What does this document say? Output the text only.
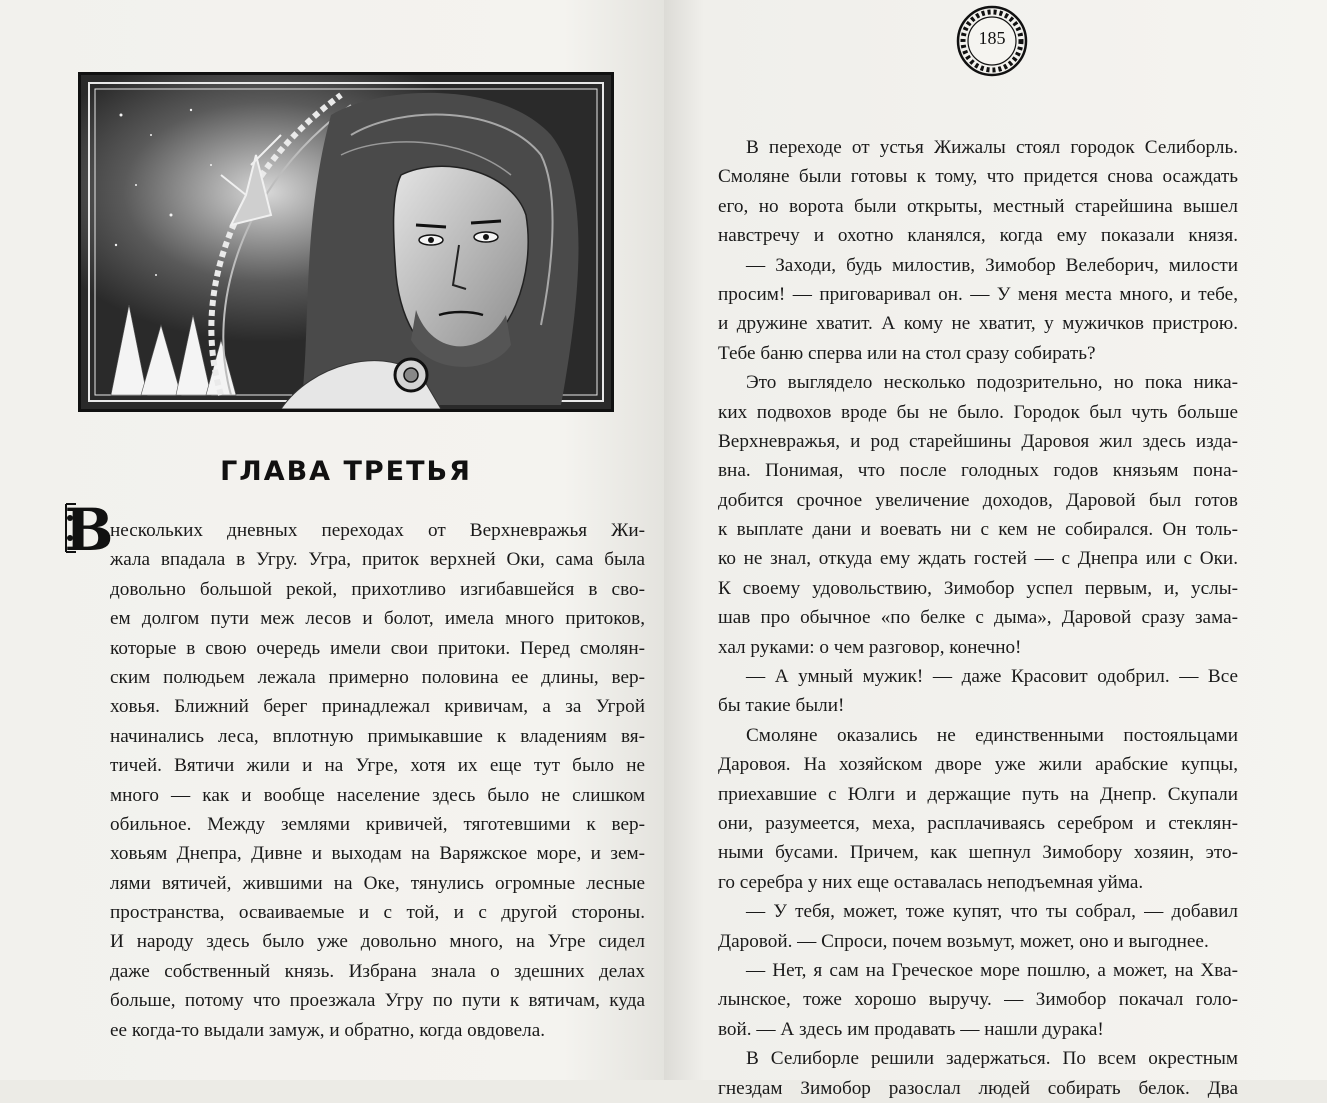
ГЛАВА ТРЕТЬЯ
В
нескольких дневных переходах от Верхневражья Жи-
жала впадала в Угру. Угра, приток верхней Оки, сама была
довольно большой рекой, прихотливо изгибавшейся в сво-
ем долгом пути меж лесов и болот, имела много притоков,
которые в свою очередь имели свои притоки. Перед смолян-
ским полюдьем лежала примерно половина ее длины, вер-
ховья. Ближний берег принадлежал кривичам, а за Угрой
начинались леса, вплотную примыкавшие к владениям вя-
тичей. Вятичи жили и на Угре, хотя их еще тут было не
много — как и вообще население здесь было не слишком
обильное. Между землями кривичей, тяготевшими к вер-
ховьям Днепра, Дивне и выходам на Варяжское море, и зем-
лями вятичей, жившими на Оке, тянулись огромные лесные
пространства, осваиваемые и с той, и с другой стороны.
И народу здесь было уже довольно много, на Угре сидел
даже собственный князь. Избрана знала о здешних делах
больше, потому что проезжала Угру по пути к вятичам, куда
ее когда-то выдали замуж, и обратно, когда овдовела.
185
В переходе от устья Жижалы стоял городок Селиборль.
Смоляне были готовы к тому, что придется снова осаждать
его, но ворота были открыты, местный старейшина вышел
навстречу и охотно кланялся, когда ему показали князя.
— Заходи, будь милостив, Зимобор Велеборич, милости
просим! — приговаривал он. — У меня места много, и тебе,
и дружине хватит. А кому не хватит, у мужичков пристрою.
Тебе баню сперва или на стол сразу собирать?
Это выглядело несколько подозрительно, но пока ника-
ких подвохов вроде бы не было. Городок был чуть больше
Верхневражья, и род старейшины Даровоя жил здесь изда-
вна. Понимая, что после голодных годов князьям пона-
добится срочное увеличение доходов, Даровой был готов
к выплате дани и воевать ни с кем не собирался. Он толь-
ко не знал, откуда ему ждать гостей — с Днепра или с Оки.
К своему удовольствию, Зимобор успел первым, и, услы-
шав про обычное «по белке с дыма», Даровой сразу зама-
хал руками: о чем разговор, конечно!
— А умный мужик! — даже Красовит одобрил. — Все
бы такие были!
Смоляне оказались не единственными постояльцами
Даровоя. На хозяйском дворе уже жили арабские купцы,
приехавшие с Юлги и держащие путь на Днепр. Скупали
они, разумеется, меха, расплачиваясь серебром и стеклян-
ными бусами. Причем, как шепнул Зимобору хозяин, это-
го серебра у них еще оставалась неподъемная уйма.
— У тебя, может, тоже купят, что ты собрал, — добавил
Даровой. — Спроси, почем возьмут, может, оно и выгоднее.
— Нет, я сам на Греческое море пошлю, а может, на Хва-
лынское, тоже хорошо выручу. — Зимобор покачал голо-
вой. — А здесь им продавать — нашли дурака!
В Селиборле решили задержаться. По всем окрестным
гнездам Зимобор разослал людей собирать белок. Два
